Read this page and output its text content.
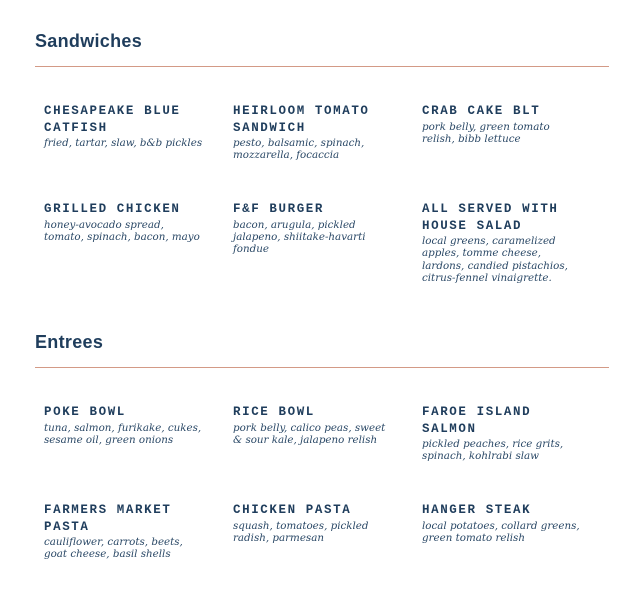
Sandwiches
CHESAPEAKE BLUE CATFISH
fried, tartar, slaw, b&b pickles
HEIRLOOM TOMATO SANDWICH
pesto, balsamic, spinach, mozzarella, focaccia
CRAB CAKE BLT
pork belly, green tomato relish, bibb lettuce
GRILLED CHICKEN
honey-avocado spread, tomato, spinach, bacon, mayo
F&F BURGER
bacon, arugula, pickled jalapeno, shiitake-havarti fondue
ALL SERVED WITH HOUSE SALAD
local greens, caramelized apples, tomme cheese, lardons, candied pistachios, citrus-fennel vinaigrette.
Entrees
POKE BOWL
tuna, salmon, furikake, cukes, sesame oil, green onions
RICE BOWL
pork belly, calico peas, sweet & sour kale, jalapeno relish
FAROE ISLAND SALMON
pickled peaches, rice grits, spinach, kohlrabi slaw
FARMERS MARKET PASTA
cauliflower, carrots, beets, goat cheese, basil shells
CHICKEN PASTA
squash, tomatoes, pickled radish, parmesan
HANGER STEAK
local potatoes, collard greens, green tomato relish
